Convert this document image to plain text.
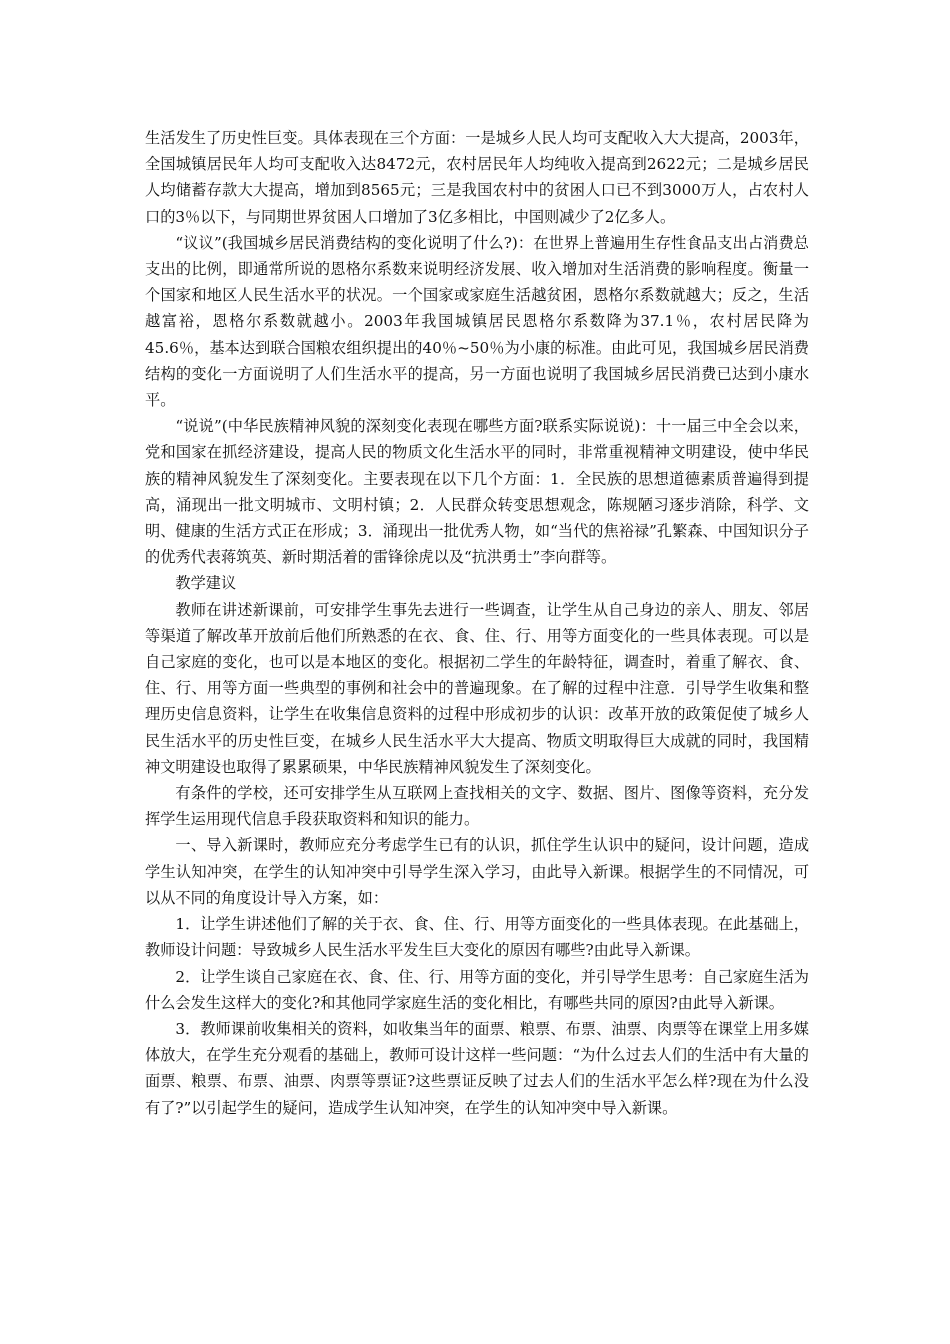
生活发生了历史性巨变。具体表现在三个方面：一是城乡人民人均可支配收入大大提高，2003年，全国城镇居民年人均可支配收入达8472元，农村居民年人均纯收入提高到2622元；二是城乡居民人均储蓄存款大大提高，增加到8565元；三是我国农村中的贫困人口已不到3000万人，占农村人口的3％以下，与同期世界贫困人口增加了3亿多相比，中国则减少了2亿多人。

“议议”(我国城乡居民消费结构的变化说明了什么?)：在世界上普遍用生存性食品支出占消费总支出的比例，即通常所说的恩格尔系数来说明经济发展、收入增加对生活消费的影响程度。衡量一个国家和地区人民生活水平的状况。一个国家或家庭生活越贫困，恩格尔系数就越大；反之，生活越富裕，恩格尔系数就越小。2003年我国城镇居民恩格尔系数降为37.1％，农村居民降为45.6％，基本达到联合国粮农组织提出的40％~50％为小康的标准。由此可见，我国城乡居民消费结构的变化一方面说明了人们生活水平的提高，另一方面也说明了我国城乡居民消费已达到小康水平。

“说说”(中华民族精神风貌的深刻变化表现在哪些方面?联系实际说说)：十一届三中全会以来，党和国家在抓经济建设，提高人民的物质文化生活水平的同时，非常重视精神文明建设，使中华民族的精神风貌发生了深刻变化。主要表现在以下几个方面：1．全民族的思想道德素质普遍得到提高，涌现出一批文明城市、文明村镇；2．人民群众转变思想观念，陈规陋习逐步消除，科学、文明、健康的生活方式正在形成；3．涌现出一批优秀人物，如“当代的焦裕禄”孔繁森、中国知识分子的优秀代表蒋筑英、新时期活着的雷锋徐虎以及“抗洪勇士”李向群等。

教学建议

教师在讲述新课前，可安排学生事先去进行一些调查，让学生从自己身边的亲人、朋友、邻居等渠道了解改革开放前后他们所熟悉的在衣、食、住、行、用等方面变化的一些具体表现。可以是自己家庭的变化，也可以是本地区的变化。根据初二学生的年龄特征，调查时，着重了解衣、食、住、行、用等方面一些典型的事例和社会中的普遍现象。在了解的过程中注意．引导学生收集和整理历史信息资料，让学生在收集信息资料的过程中形成初步的认识：改革开放的政策促使了城乡人民生活水平的历史性巨变，在城乡人民生活水平大大提高、物质文明取得巨大成就的同时，我国精神文明建设也取得了累累硕果，中华民族精神风貌发生了深刻变化。

有条件的学校，还可安排学生从互联网上查找相关的文字、数据、图片、图像等资料，充分发挥学生运用现代信息手段获取资料和知识的能力。

一、导入新课时，教师应充分考虑学生已有的认识，抓住学生认识中的疑问，设计问题，造成学生认知冲突，在学生的认知冲突中引导学生深入学习，由此导入新课。根据学生的不同情况，可以从不同的角度设计导入方案，如：

1．让学生讲述他们了解的关于衣、食、住、行、用等方面变化的一些具体表现。在此基础上，教师设计问题：导致城乡人民生活水平发生巨大变化的原因有哪些?由此导入新课。

2．让学生谈自己家庭在衣、食、住、行、用等方面的变化，并引导学生思考：自己家庭生活为什么会发生这样大的变化?和其他同学家庭生活的变化相比，有哪些共同的原因?由此导入新课。

3．教师课前收集相关的资料，如收集当年的面票、粮票、布票、油票、肉票等在课堂上用多媒体放大，在学生充分观看的基础上，教师可设计这样一些问题：“为什么过去人们的生活中有大量的面票、粮票、布票、油票、肉票等票证?这些票证反映了过去人们的生活水平怎么样?现在为什么没有了?”以引起学生的疑问，造成学生认知冲突，在学生的认知冲突中导入新课。
